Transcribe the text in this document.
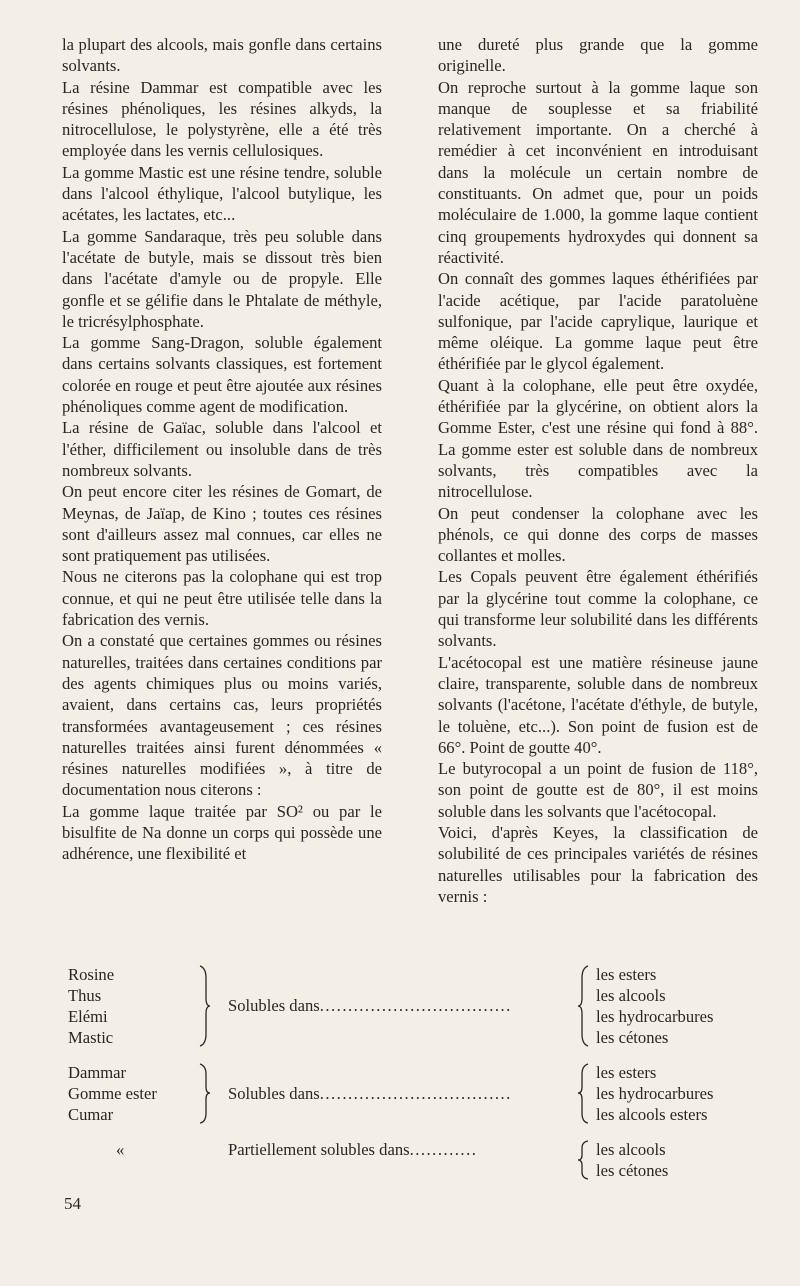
la plupart des alcools, mais gonfle dans certains solvants.

La résine Dammar est compatible avec les résines phénoliques, les résines alkyds, la nitrocellulose, le polystyrène, elle a été très employée dans les vernis cellulosiques.

La gomme Mastic est une résine tendre, soluble dans l'alcool éthylique, l'alcool butylique, les acétates, les lactates, etc...

La gomme Sandaraque, très peu soluble dans l'acétate de butyle, mais se dissout très bien dans l'acétate d'amyle ou de propyle. Elle gonfle et se gélifie dans le Phtalate de méthyle, le tricrésylphosphate.

La gomme Sang-Dragon, soluble également dans certains solvants classiques, est fortement colorée en rouge et peut être ajoutée aux résines phénoliques comme agent de modification.

La résine de Gaïac, soluble dans l'alcool et l'éther, difficilement ou insoluble dans de très nombreux solvants.

On peut encore citer les résines de Gomart, de Meynas, de Jaïap, de Kino ; toutes ces résines sont d'ailleurs assez mal connues, car elles ne sont pratiquement pas utilisées.

Nous ne citerons pas la colophane qui est trop connue, et qui ne peut être utilisée telle dans la fabrication des vernis.

On a constaté que certaines gommes ou résines naturelles, traitées dans certaines conditions par des agents chimiques plus ou moins variés, avaient, dans certains cas, leurs propriétés transformées avantageusement ; ces résines naturelles traitées ainsi furent dénommées « résines naturelles modifiées », à titre de documentation nous citerons :

La gomme laque traitée par SO² ou par le bisulfite de Na donne un corps qui possède une adhérence, une flexibilité et

une dureté plus grande que la gomme originelle.

On reproche surtout à la gomme laque son manque de souplesse et sa friabilité relativement importante. On a cherché à remédier à cet inconvénient en introduisant dans la molécule un certain nombre de constituants. On admet que, pour un poids moléculaire de 1.000, la gomme laque contient cinq groupements hydroxydes qui donnent sa réactivité.

On connaît des gommes laques éthérifiées par l'acide acétique, par l'acide paratoluène sulfonique, par l'acide caprylique, laurique et même oléique. La gomme laque peut être éthérifiée par le glycol également.

Quant à la colophane, elle peut être oxydée, éthérifiée par la glycérine, on obtient alors la Gomme Ester, c'est une résine qui fond à 88°. La gomme ester est soluble dans de nombreux solvants, très compatibles avec la nitrocellulose.

On peut condenser la colophane avec les phénols, ce qui donne des corps de masses collantes et molles.

Les Copals peuvent être également éthérifiés par la glycérine tout comme la colophane, ce qui transforme leur solubilité dans les différents solvants.

L'acétocopal est une matière résineuse jaune claire, transparente, soluble dans de nombreux solvants (l'acétone, l'acétate d'éthyle, de butyle, le toluène, etc...). Son point de fusion est de 66°. Point de goutte 40°.

Le butyrocopal a un point de fusion de 118°, son point de goutte est de 80°, il est moins soluble dans les solvants que l'acétocopal.

Voici, d'après Keyes, la classification de solubilité de ces principales variétés de résines naturelles utilisables pour la fabrication des vernis :

Rosine
Thus
Elémi
Mastic
Solubles dans..................................
les esters
les alcools
les hydrocarbures
les cétones
Dammar
Gomme ester
Cumar
Solubles dans..................................
les esters
les hydrocarbures
les alcools esters
«	Partiellement solubles dans............	les alcools
les cétones
54
